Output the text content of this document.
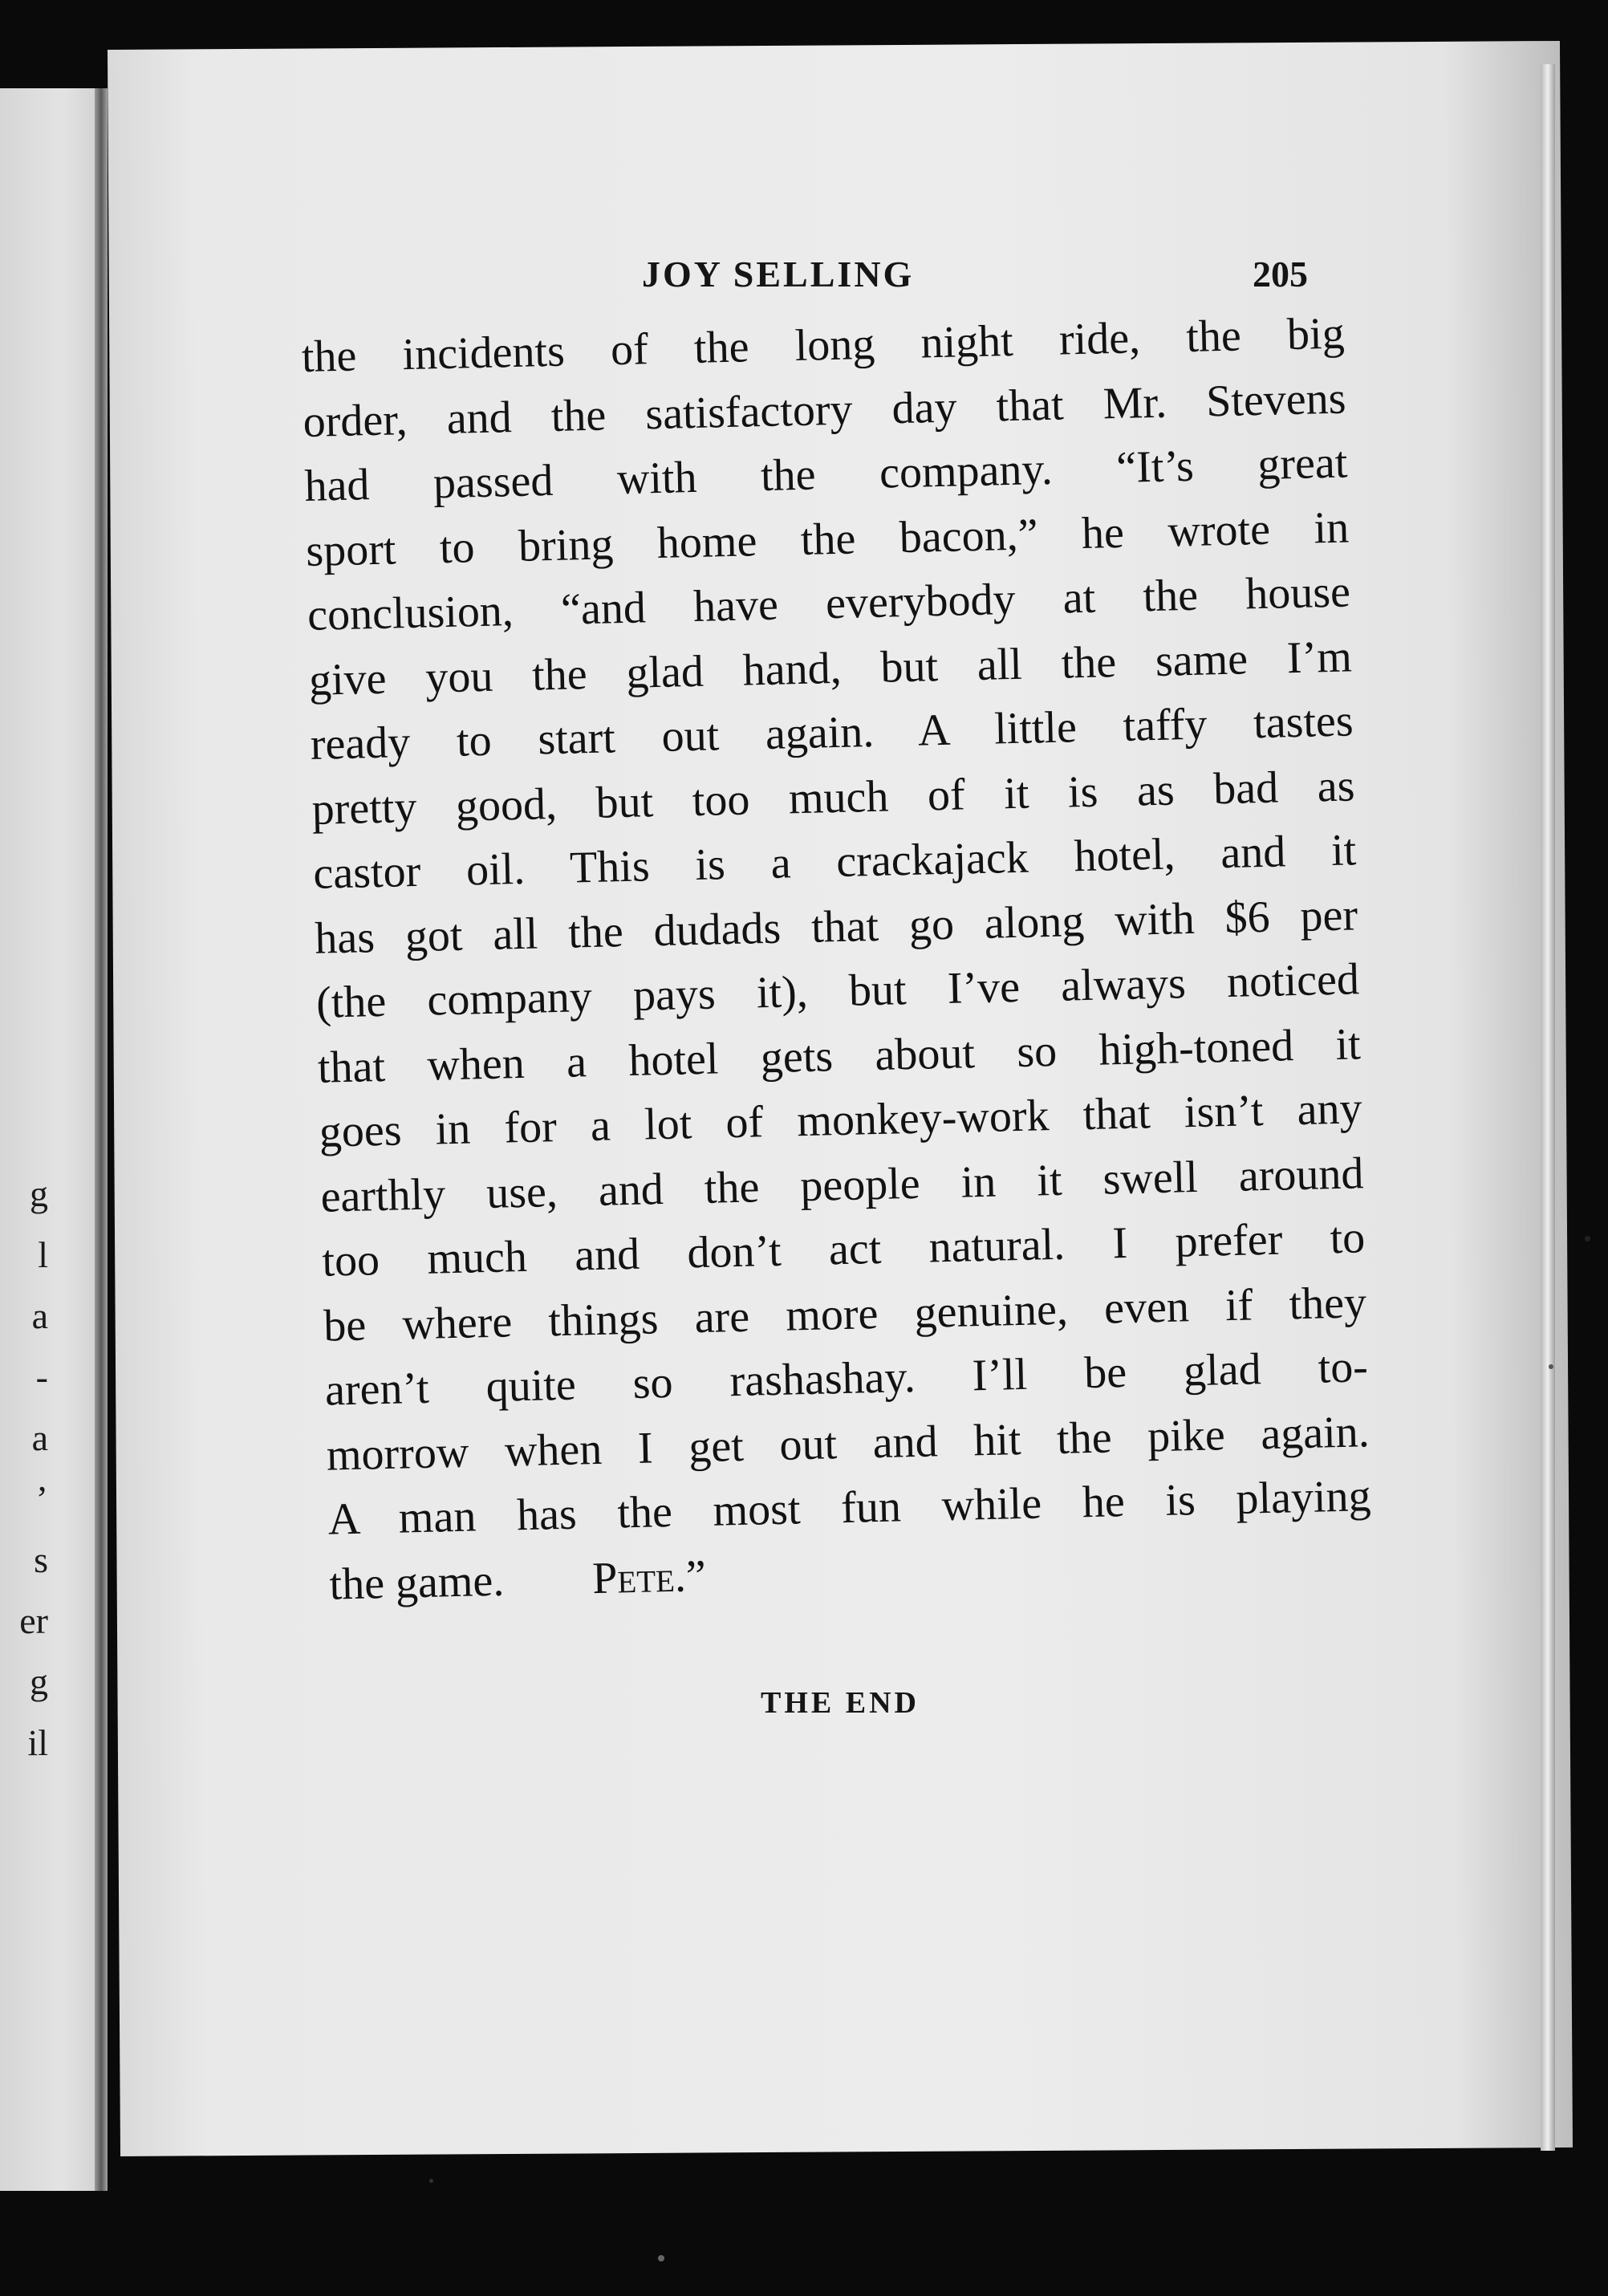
g
l
a
-
a
’
s
er
g
il
JOY SELLING	205
the incidents of the long night ride, the big
order, and the satisfactory day that Mr. Stevens
had passed with the company. “It’s great
sport to bring home the bacon,” he wrote in
conclusion, “and have everybody at the house
give you the glad hand, but all the same I’m
ready to start out again. A little taffy tastes
pretty good, but too much of it is as bad as
castor oil. This is a crackajack hotel, and it
has got all the dudads that go along with $6 per
(the company pays it), but I’ve always noticed
that when a hotel gets about so high-toned it
goes in for a lot of monkey-work that isn’t any
earthly use, and the people in it swell around
too much and don’t act natural. I prefer to
be where things are more genuine, even if they
aren’t quite so rashashay. I’ll be glad to-
morrow when I get out and hit the pike again.
A man has the most fun while he is playing
the game. Pete.”
THE END
